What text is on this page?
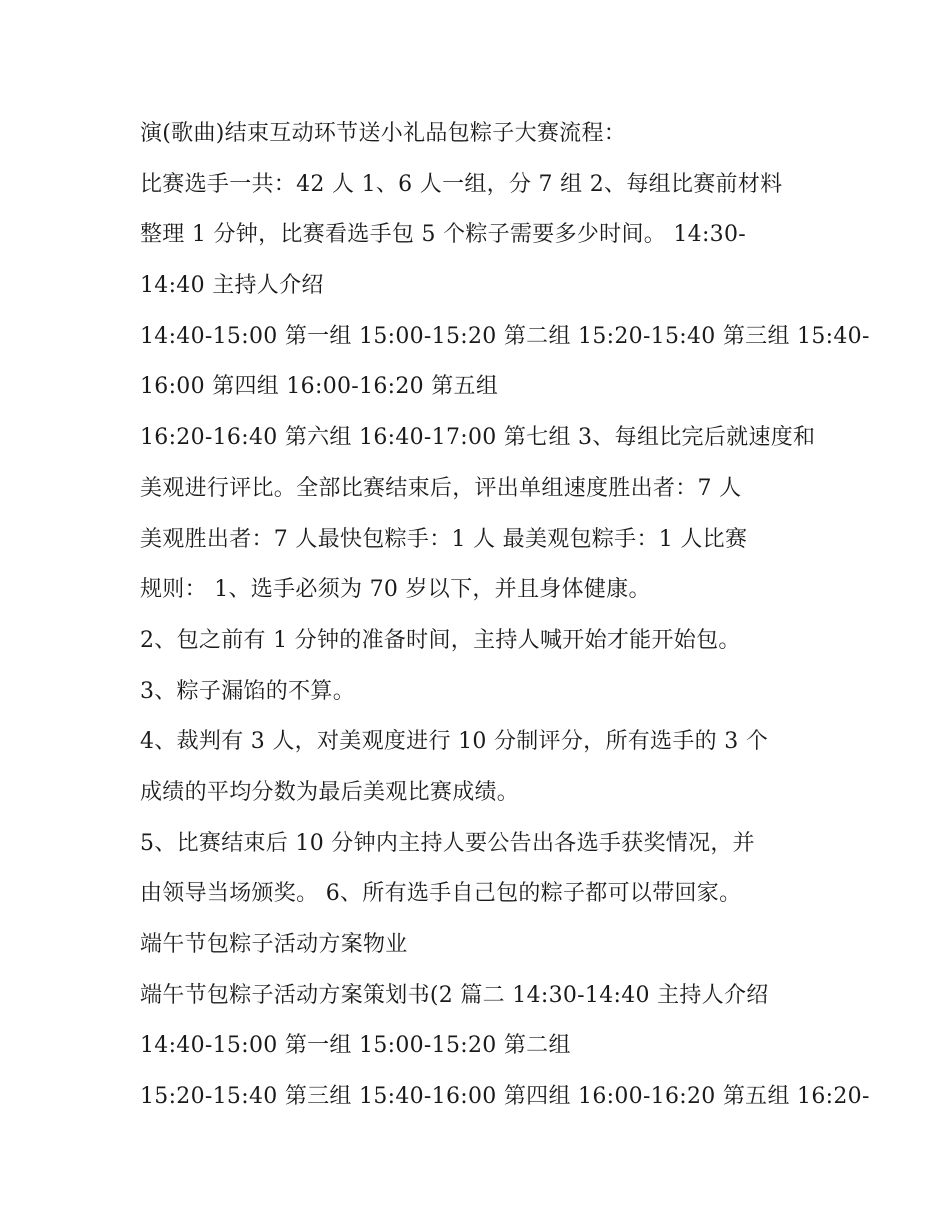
演(歌曲)结束互动环节送小礼品包粽子大赛流程：
比赛选手一共：42 人 1、6 人一组，分 7 组 2、每组比赛前材料
整理 1 分钟，比赛看选手包 5 个粽子需要多少时间。 14:30-
14:40 主持人介绍
14:40-15:00 第一组 15:00-15:20 第二组 15:20-15:40 第三组 15:40-
16:00 第四组 16:00-16:20 第五组
16:20-16:40 第六组 16:40-17:00 第七组 3、每组比完后就速度和
美观进行评比。全部比赛结束后，评出单组速度胜出者：7 人
美观胜出者：7 人最快包粽手：1 人 最美观包粽手：1 人比赛
规则： 1、选手必须为 70 岁以下，并且身体健康。
2、包之前有 1 分钟的准备时间，主持人喊开始才能开始包。
3、粽子漏馅的不算。
4、裁判有 3 人，对美观度进行 10 分制评分，所有选手的 3 个
成绩的平均分数为最后美观比赛成绩。
5、比赛结束后 10 分钟内主持人要公告出各选手获奖情况，并
由领导当场颁奖。 6、所有选手自己包的粽子都可以带回家。
端午节包粽子活动方案物业
端午节包粽子活动方案策划书(2 篇二 14:30-14:40 主持人介绍
14:40-15:00 第一组 15:00-15:20 第二组
15:20-15:40 第三组 15:40-16:00 第四组 16:00-16:20 第五组 16:20-
